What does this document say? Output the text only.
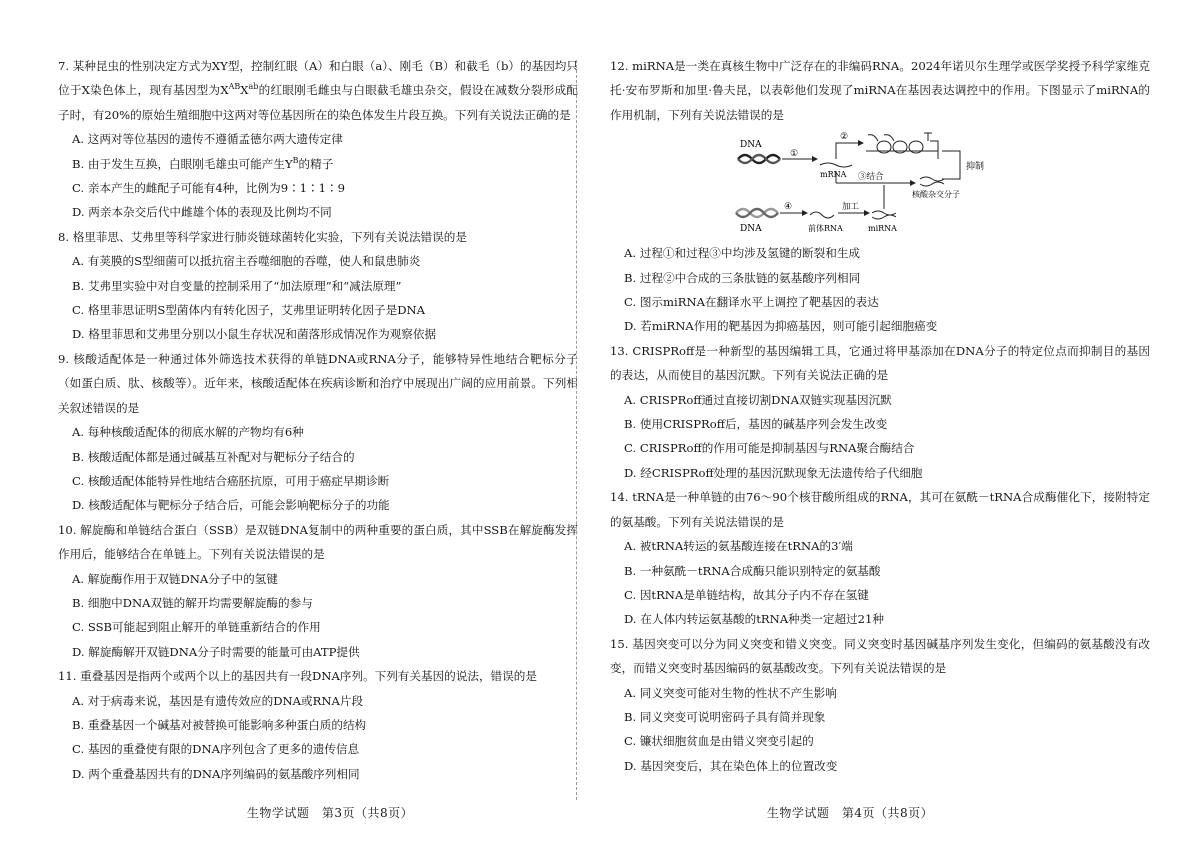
7. 某种昆虫的性别决定方式为XY型，控制红眼（A）和白眼（a）、刚毛（B）和截毛（b）的基因均只位于X染色体上，现有基因型为$X^{AB}X^{ab}$的红眼刚毛雌虫与白眼截毛雄虫杂交，假设在减数分裂形成配子时，有20%的原始生殖细胞中这两对等位基因所在的染色体发生片段互换。下列有关说法正确的是

A. 这两对等位基因的遗传不遵循孟德尔两大遗传定律

B. 由于发生互换，白眼刚毛雄虫可能产生$Y^B$的精子

C. 亲本产生的雌配子可能有4种，比例为9∶1∶1∶9

D. 两亲本杂交后代中雌雄个体的表现及比例均不同

8. 格里菲思、艾弗里等科学家进行肺炎链球菌转化实验，下列有关说法错误的是

A. 有荚膜的S型细菌可以抵抗宿主吞噬细胞的吞噬，使人和鼠患肺炎

B. 艾弗里实验中对自变量的控制采用了“加法原理”和“减法原理”

C. 格里菲思证明S型菌体内有转化因子，艾弗里证明转化因子是DNA

D. 格里菲思和艾弗里分别以小鼠生存状况和菌落形成情况作为观察依据

9. 核酸适配体是一种通过体外筛选技术获得的单链DNA或RNA分子，能够特异性地结合靶标分子（如蛋白质、肽、核酸等）。近年来，核酸适配体在疾病诊断和治疗中展现出广阔的应用前景。下列相关叙述错误的是

A. 每种核酸适配体的彻底水解的产物均有6种

B. 核酸适配体都是通过碱基互补配对与靶标分子结合的

C. 核酸适配体能特异性地结合癌胚抗原，可用于癌症早期诊断

D. 核酸适配体与靶标分子结合后，可能会影响靶标分子的功能

10. 解旋酶和单链结合蛋白（SSB）是双链DNA复制中的两种重要的蛋白质，其中SSB在解旋酶发挥作用后，能够结合在单链上。下列有关说法错误的是

A. 解旋酶作用于双链DNA分子中的氢键

B. 细胞中DNA双链的解开均需要解旋酶的参与

C. SSB可能起到阻止解开的单链重新结合的作用

D. 解旋酶解开双链DNA分子时需要的能量可由ATP提供

11. 重叠基因是指两个或两个以上的基因共有一段DNA序列。下列有关基因的说法，错误的是

A. 对于病毒来说，基因是有遗传效应的DNA或RNA片段

B. 重叠基因一个碱基对被替换可能影响多种蛋白质的结构

C. 基因的重叠使有限的DNA序列包含了更多的遗传信息

D. 两个重叠基因共有的DNA序列编码的氨基酸序列相同

生物学试题　第3页（共8页）

12. miRNA是一类在真核生物中广泛存在的非编码RNA。2024年诺贝尔生理学或医学奖授予科学家维克托·安布罗斯和加里·鲁夫昆，以表彰他们发现了miRNA在基因表达调控中的作用。下图显示了miRNA的作用机制，下列有关说法错误的是

DNA
①
mRNA
②
抑制
③结合
核酸杂交分子
DNA
④
前体RNA
加工
miRNA

A. 过程①和过程③中均涉及氢键的断裂和生成

B. 过程②中合成的三条肽链的氨基酸序列相同

C. 图示miRNA在翻译水平上调控了靶基因的表达

D. 若miRNA作用的靶基因为抑癌基因，则可能引起细胞癌变

13. CRISPRoff是一种新型的基因编辑工具，它通过将甲基添加在DNA分子的特定位点而抑制目的基因的表达，从而使目的基因沉默。下列有关说法正确的是

A. CRISPRoff通过直接切割DNA双链实现基因沉默

B. 使用CRISPRoff后，基因的碱基序列会发生改变

C. CRISPRoff的作用可能是抑制基因与RNA聚合酶结合

D. 经CRISPRoff处理的基因沉默现象无法遗传给子代细胞

14. tRNA是一种单链的由76～90个核苷酸所组成的RNA，其可在氨酰－tRNA合成酶催化下，接附特定的氨基酸。下列有关说法错误的是

A. 被tRNA转运的氨基酸连接在tRNA的3′端

B. 一种氨酰－tRNA合成酶只能识别特定的氨基酸

C. 因tRNA是单链结构，故其分子内不存在氢键

D. 在人体内转运氨基酸的tRNA种类一定超过21种

15. 基因突变可以分为同义突变和错义突变。同义突变时基因碱基序列发生变化，但编码的氨基酸没有改变，而错义突变时基因编码的氨基酸改变。下列有关说法错误的是

A. 同义突变可能对生物的性状不产生影响

B. 同义突变可说明密码子具有简并现象

C. 镰状细胞贫血是由错义突变引起的

D. 基因突变后，其在染色体上的位置改变

生物学试题　第4页（共8页）
